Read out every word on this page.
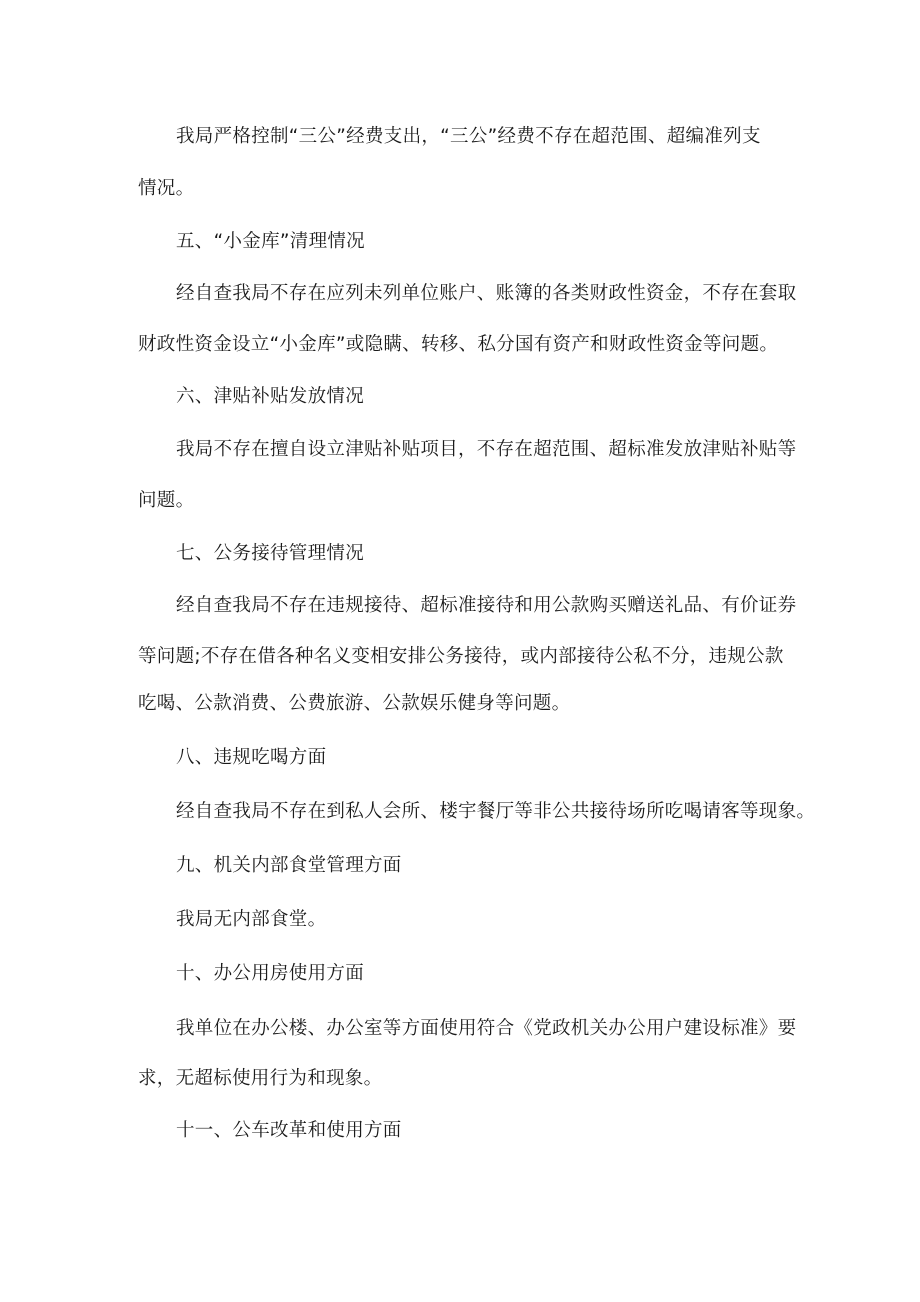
我局严格控制“三公”经费支出，“三公”经费不存在超范围、超编准列支
情况。
五、“小金库”清理情况
经自查我局不存在应列未列单位账户、账簿的各类财政性资金，不存在套取
财政性资金设立“小金库”或隐瞒、转移、私分国有资产和财政性资金等问题。
六、津贴补贴发放情况
我局不存在擅自设立津贴补贴项目，不存在超范围、超标准发放津贴补贴等
问题。
七、公务接待管理情况
经自查我局不存在违规接待、超标准接待和用公款购买赠送礼品、有价证券
等问题;不存在借各种名义变相安排公务接待，或内部接待公私不分，违规公款
吃喝、公款消费、公费旅游、公款娱乐健身等问题。
八、违规吃喝方面
经自查我局不存在到私人会所、楼宇餐厅等非公共接待场所吃喝请客等现象。
九、机关内部食堂管理方面
我局无内部食堂。
十、办公用房使用方面
我单位在办公楼、办公室等方面使用符合《党政机关办公用户建设标准》要
求，无超标使用行为和现象。
十一、公车改革和使用方面
